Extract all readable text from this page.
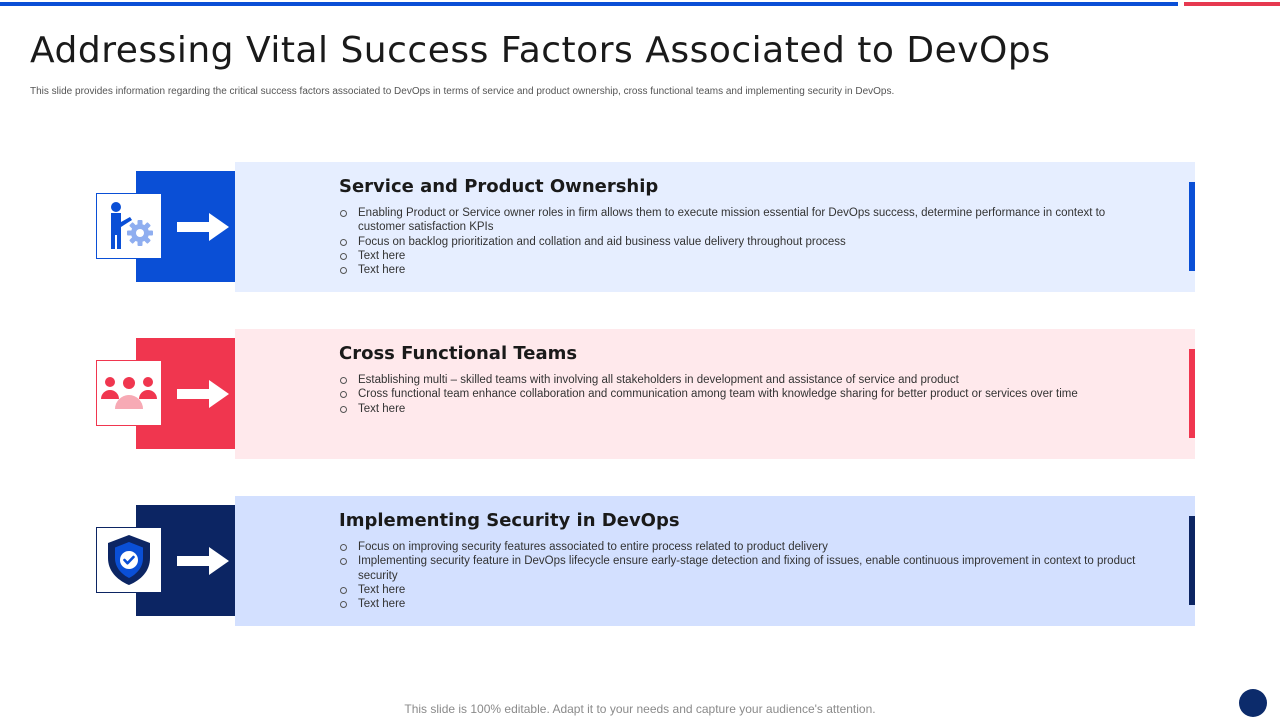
Addressing Vital Success Factors Associated to DevOps

This slide provides information regarding the critical success factors associated to DevOps in terms of service and product ownership, cross functional teams and implementing security in DevOps.

Service and Product Ownership
Enabling Product or Service owner roles in firm allows them to execute mission essential for DevOps success, determine performance in context to customer satisfaction KPIs
Focus on backlog prioritization and collation and aid business value delivery throughout process
Text here
Text here
Cross Functional Teams
Establishing multi – skilled teams with involving all stakeholders in development and assistance of service and product
Cross functional team enhance collaboration and communication among team with knowledge sharing for better product or services over time
Text here
Implementing Security in DevOps
Focus on improving security features associated to entire process related to product delivery
Implementing security feature in DevOps lifecycle ensure early-stage detection and fixing of issues, enable continuous improvement in context to product security
Text here
Text here
This slide is 100% editable. Adapt it to your needs and capture your audience's attention.
